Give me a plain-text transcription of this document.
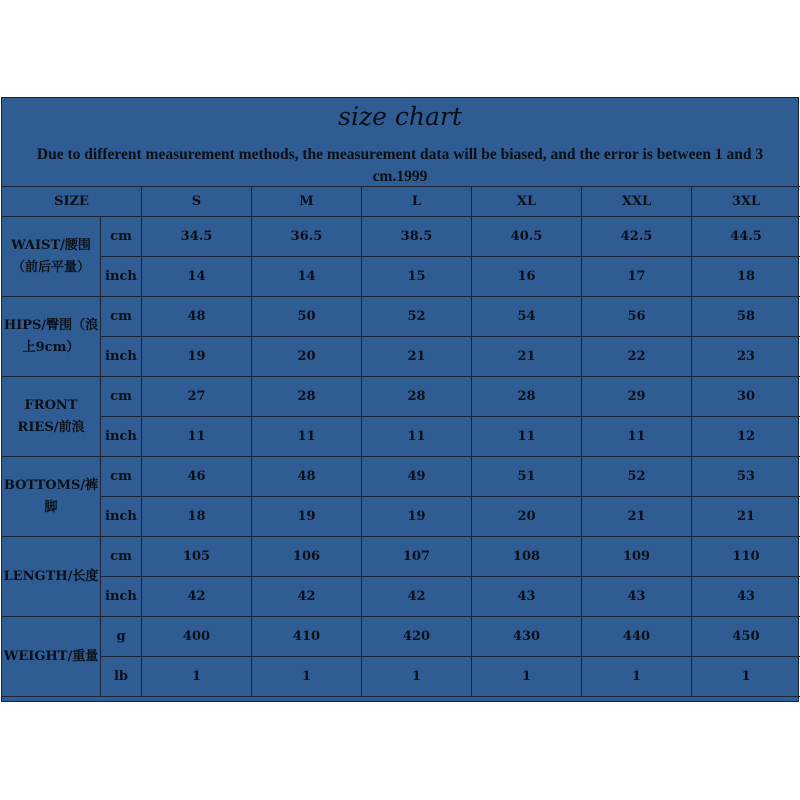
size chart
Due to different measurement methods, the measurement data will be biased, and the error is between 1 and 3 cm.1999
SIZE		S	M	L	XL	XXL	3XL
WAIST/腰围（前后平量）	cm	34.5	36.5	38.5	40.5	42.5	44.5
	inch	14	14	15	16	17	18
HIPS/臀围（浪上9cm）	cm	48	50	52	54	56	58
	inch	19	20	21	21	22	23
FRONT RIES/前浪	cm	27	28	28	28	29	30
	inch	11	11	11	11	11	12
BOTTOMS/裤脚	cm	46	48	49	51	52	53
	inch	18	19	19	20	21	21
LENGTH/长度	cm	105	106	107	108	109	110
	inch	42	42	42	43	43	43
WEIGHT/重量	g	400	410	420	430	440	450
	lb	1	1	1	1	1	1
